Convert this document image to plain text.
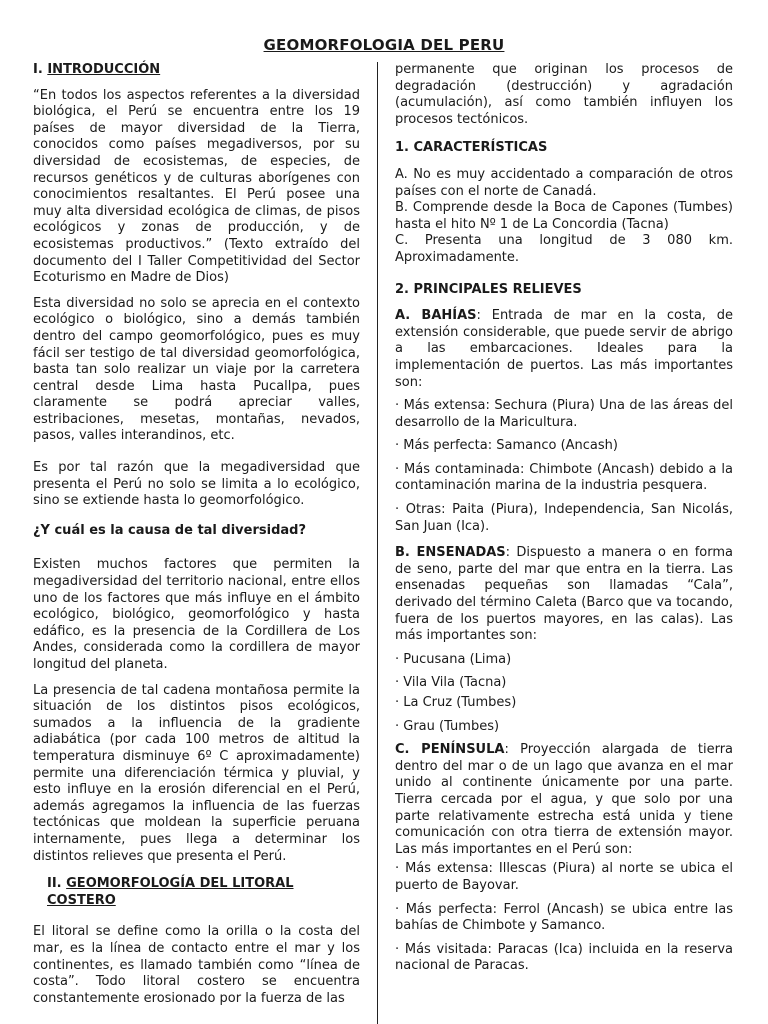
GEOMORFOLOGIA DEL PERU
I. INTRODUCCIÓN

“En todos los aspectos referentes a la diversidad biológica, el Perú se encuentra entre los 19 países de mayor diversidad de la Tierra, conocidos como países megadiversos, por su diversidad de ecosistemas, de especies, de recursos genéticos y de culturas aborígenes con conocimientos resaltantes. El Perú posee una muy alta diversidad ecológica de climas, de pisos ecológicos y zonas de producción, y de ecosistemas productivos.” (Texto extraído del documento del I Taller Competitividad del Sector Ecoturismo en Madre de Dios)

Esta diversidad no solo se aprecia en el contexto ecológico o biológico, sino a demás también dentro del campo geomorfológico, pues es muy fácil ser testigo de tal diversidad geomorfológica, basta tan solo realizar un viaje por la carretera central desde Lima hasta Pucallpa, pues claramente se podrá apreciar valles, estribaciones, mesetas, montañas, nevados, pasos, valles interandinos, etc.

Es por tal razón que la megadiversidad que presenta el Perú no solo se limita a lo ecológico, sino se extiende hasta lo geomorfológico.

¿Y cuál es la causa de tal diversidad?

Existen muchos factores que permiten la megadiversidad del territorio nacional, entre ellos uno de los factores que más influye en el ámbito ecológico, biológico, geomorfológico y hasta edáfico, es la presencia de la Cordillera de Los Andes, considerada como la cordillera de mayor longitud del planeta.

La presencia de tal cadena montañosa permite la situación de los distintos pisos ecológicos, sumados a la influencia de la gradiente adiabática (por cada 100 metros de altitud la temperatura disminuye 6º C aproximadamente) permite una diferenciación térmica y pluvial, y esto influye en la erosión diferencial en el Perú, además agregamos la influencia de las fuerzas tectónicas que moldean la superficie peruana internamente, pues llega a determinar los distintos relieves que presenta el Perú.

II. GEOMORFOLOGÍA DEL LITORAL COSTERO

El litoral se define como la orilla o la costa del mar, es la línea de contacto entre el mar y los continentes, es llamado también como “línea de costa”. Todo litoral costero se encuentra constantemente erosionado por la fuerza de las

permanente que originan los procesos de degradación (destrucción) y agradación (acumulación), así como también influyen los procesos tectónicos.

1. CARACTERÍSTICAS

A. No es muy accidentado a comparación de otros países con el norte de Canadá.

B. Comprende desde la Boca de Capones (Tumbes) hasta el hito Nº 1 de La Concordia (Tacna)

C. Presenta una longitud de 3 080 km. Aproximadamente.

2. PRINCIPALES RELIEVES

A. BAHÍAS: Entrada de mar en la costa, de extensión considerable, que puede servir de abrigo a las embarcaciones. Ideales para la implementación de puertos. Las más importantes son:

· Más extensa: Sechura (Piura) Una de las áreas del desarrollo de la Maricultura.

· Más perfecta: Samanco (Ancash)

· Más contaminada: Chimbote (Ancash) debido a la contaminación marina de la industria pesquera.

· Otras: Paita (Piura), Independencia, San Nicolás, San Juan (Ica).

B. ENSENADAS: Dispuesto a manera o en forma de seno, parte del mar que entra en la tierra. Las ensenadas pequeñas son llamadas “Cala”, derivado del término Caleta (Barco que va tocando, fuera de los puertos mayores, en las calas). Las más importantes son:

· Pucusana (Lima)

· Vila Vila (Tacna)

· La Cruz (Tumbes)

· Grau (Tumbes)

C. PENÍNSULA: Proyección alargada de tierra dentro del mar o de un lago que avanza en el mar unido al continente únicamente por una parte. Tierra cercada por el agua, y que solo por una parte relativamente estrecha está unida y tiene comunicación con otra tierra de extensión mayor. Las más importantes en el Perú son:

· Más extensa: Illescas (Piura) al norte se ubica el puerto de Bayovar.

· Más perfecta: Ferrol (Ancash) se ubica entre las bahías de Chimbote y Samanco.

· Más visitada: Paracas (Ica) incluida en la reserva nacional de Paracas.
